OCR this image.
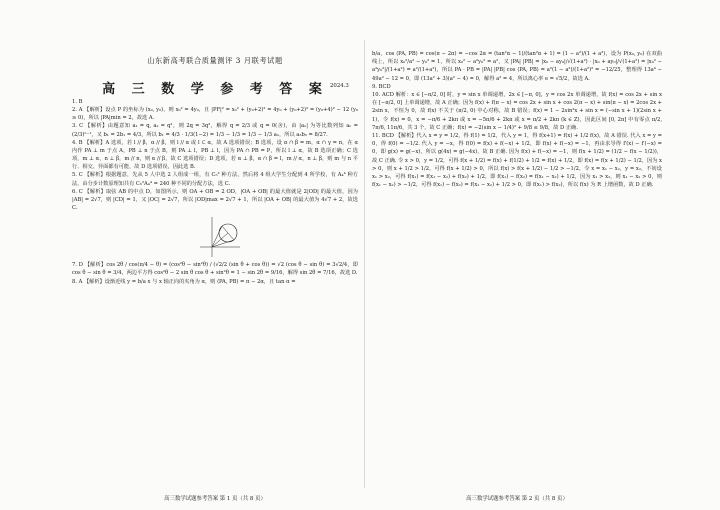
山东新高考联合质量测评 3 月联考试题
高 三 数 学 参 考 答 案 2024.3

1. B

2. A 【解析】设点 P 的坐标为 (x₀, y₀)，则 x₀² = 4y₀，且 |PF|² = x₀² + (y₀+2)² = 4y₀ + (y₀+2)² = (y₀+4)² − 12 (y₀ ≥ 0)，所以 |PA|min = 2，故选 A.

3. C 【解析】由题意知 a₁ = q, a₂ = q²，则 2q = 3q²，解得 q = 2/3 或 q = 0(舍)，由 |aₙ| 为等比数列知 aₙ = (2/3)ⁿ⁻¹，又 b₁ = 2b₁ = 4/3，所以 b₁ = 4/3 · 1/3(1−2) = 1/3 − 1/3 = 1/3 − 1/3 aₙ，所以 a₃b₃ = 8/27.

4. B 【解析】A 选项，若 l // β，α // β，则 l // α 或 l ⊂ α，故 A 选项错误；B 选项，设 α ∩ β = m，α ∩ γ = n，在 α 内作 PA ⊥ m 于点 A，PB ⊥ n 于点 B，则 PA ⊥ l，PB ⊥ l，因为 PA ∩ PB = P，所以 l ⊥ α，故 B 选项正确；C 选项，m ⊥ α，n ⊥ β，m // n，则 α // β，故 C 选项错误；D 选项，若 α ⊥ β，α ∩ β = l，m // α，n ⊥ β，则 m 与 n 平行、相交、异面都有可能，故 D 选项错误，因此选 B.

5. C 【解析】根据题意，先从 5 人中选 2 人组成一组，有 C₅² 种方法，然后将 4 组大学生分配到 4 所学校，有 A₄⁴ 种方法，由分步计数原理知共有 C₅²A₄⁴ = 240 种不同的分配方法，选 C.

6. C 【解析】取弦 AB 的中点 D，如图所示，则 OA + OB = 2 OD，|OA + OB| 的最大值就是 2|OD| 的最大值，因为 |AB| = 2√7，则 |CD| = 1，又 |OC| = 2√7，所以 |OD|max = 2√7 + 1，所以 |OA + OB| 的最大值为 4√7 + 2，故选 C.

7. D 【解析】cos 2θ / cos(π/4 − θ) = (cos²θ − sin²θ) / (√2/2 (sin θ + cos θ)) = √2 (cos θ − sin θ) = 3√2/4，即 cos θ − sin θ = 3/4，两边平方得 cos²θ − 2 sin θ cos θ + sin²θ = 1 − sin 2θ = 9/16，解得 sin 2θ = 7/16，故选 D.

8. A 【解析】设渐近线 y = b/a x 与 x 轴正向的夹角为 α，则 ⟨PA, PB⟩ = π − 2α，且 tan α =

b/a，cos ⟨PA, PB⟩ = cos(π − 2α) = −cos 2α = (tan²α − 1)/(tan²α + 1) = (1 − a²)/(1 + a²)，设为 P(x₀, y₀) 在双曲线上，所以 x₀²/a² − y₀² = 1，所以 x₀² − a²y₀² = a²，又 |PA| |PB| = |x₀ − ay₀|/√(1+a²) · |x₀ + ay₀|/√(1+a²) = |x₀² − a²y₀²|/(1+a²) = a²/(1+a²)，所以 PA · PB = |PA| |PB| cos ⟨PA, PB⟩ = a²(1 − a²)/(1+a²)² = −12/25，整理得 13a⁴ − 49a² − 12 = 0，即 (13a² + 3)(a² − 4) = 0，解得 a² = 4，所以离心率 e = √5/2，故选 A.

9. BCD

10. ACD 解析：x ∈ [−π/2, 0] 时，y = sin x 单调递增，2x ∈ [−π, 0]，y = cos 2x 单调递增，故 f(x) = cos 2x + sin x 在 [−π/2, 0] 上单调递增，故 A 正确；因为 f(x) + f(π − x) = cos 2x + sin x + cos 2(π − x) + sin(π − x) = 2cos 2x + 2sin x，不恒为 0，故 f(x) 不关于 (π/2, 0) 中心对称，故 B 错误；f(x) = 1 − 2sin²x + sin x = (−sin x + 1)(2sin x + 1)，令 f(x) = 0，x = −π/6 + 2kπ 或 x = −5π/6 + 2kπ 或 x = π/2 + 2kπ (k ∈ Z)，因此区间 [0, 2π] 中有零点 π/2, 7π/6, 11π/6，共 3 个，故 C 正确；f(x) = −2(sin x − 1/4)² + 9/8 ≤ 9/8，故 D 正确.

11. BCD 【解析】代入 x = y = 1/2，得 f(1) = 1/2，代入 y = 1，得 f(x+1) = f(x) + 1/2 f(x)，故 A 错误. 代入 x = y = 0，得 f(0) = −1/2. 代入 y = −x，得 f(0) = f(x) + f(−x) + 1/2，即 f(x) + f(−x) = −1，再由求导得 f′(x) − f′(−x) = 0，即 g(x) = g(−x)，所以 g(4x) = g(−4x)，故 B 正确. 因为 f(x) + f(−x) = −1，则 f(x + 1/2) = (1/2 − f(x − 1/2))，故 C 正确. 令 x > 0，y = 1/2，可得 f(x + 1/2) = f(x) + f(1/2) + 1/2 = f(x) + 1/2，即 f(x) = f(x + 1/2) − 1/2，因为 x > 0，则 x + 1/2 > 1/2，可得 f(x + 1/2) > 0，所以 f(x) > f(x + 1/2) − 1/2 > −1/2，令 x = x₁ − x₂，y = x₂，不妨设 x₁ > x₂，可得 f(x₁) = f(x₁ − x₂) + f(x₂) + 1/2，即 f(x₁) − f(x₂) = f(x₁ − x₂) + 1/2，因为 x₁ > x₂，则 x₁ − x₂ > 0，则 f(x₁ − x₂) > −1/2，可得 f(x₁) − f(x₂) = f(x₁ − x₂) + 1/2 > 0，即 f(x₁) > f(x₂)，所以 f(x) 为 R 上增函数，故 D 正确.

高三数学试题参考答案 第 1 页（共 8 页）	高三数学试题参考答案 第 2 页（共 8 页）
